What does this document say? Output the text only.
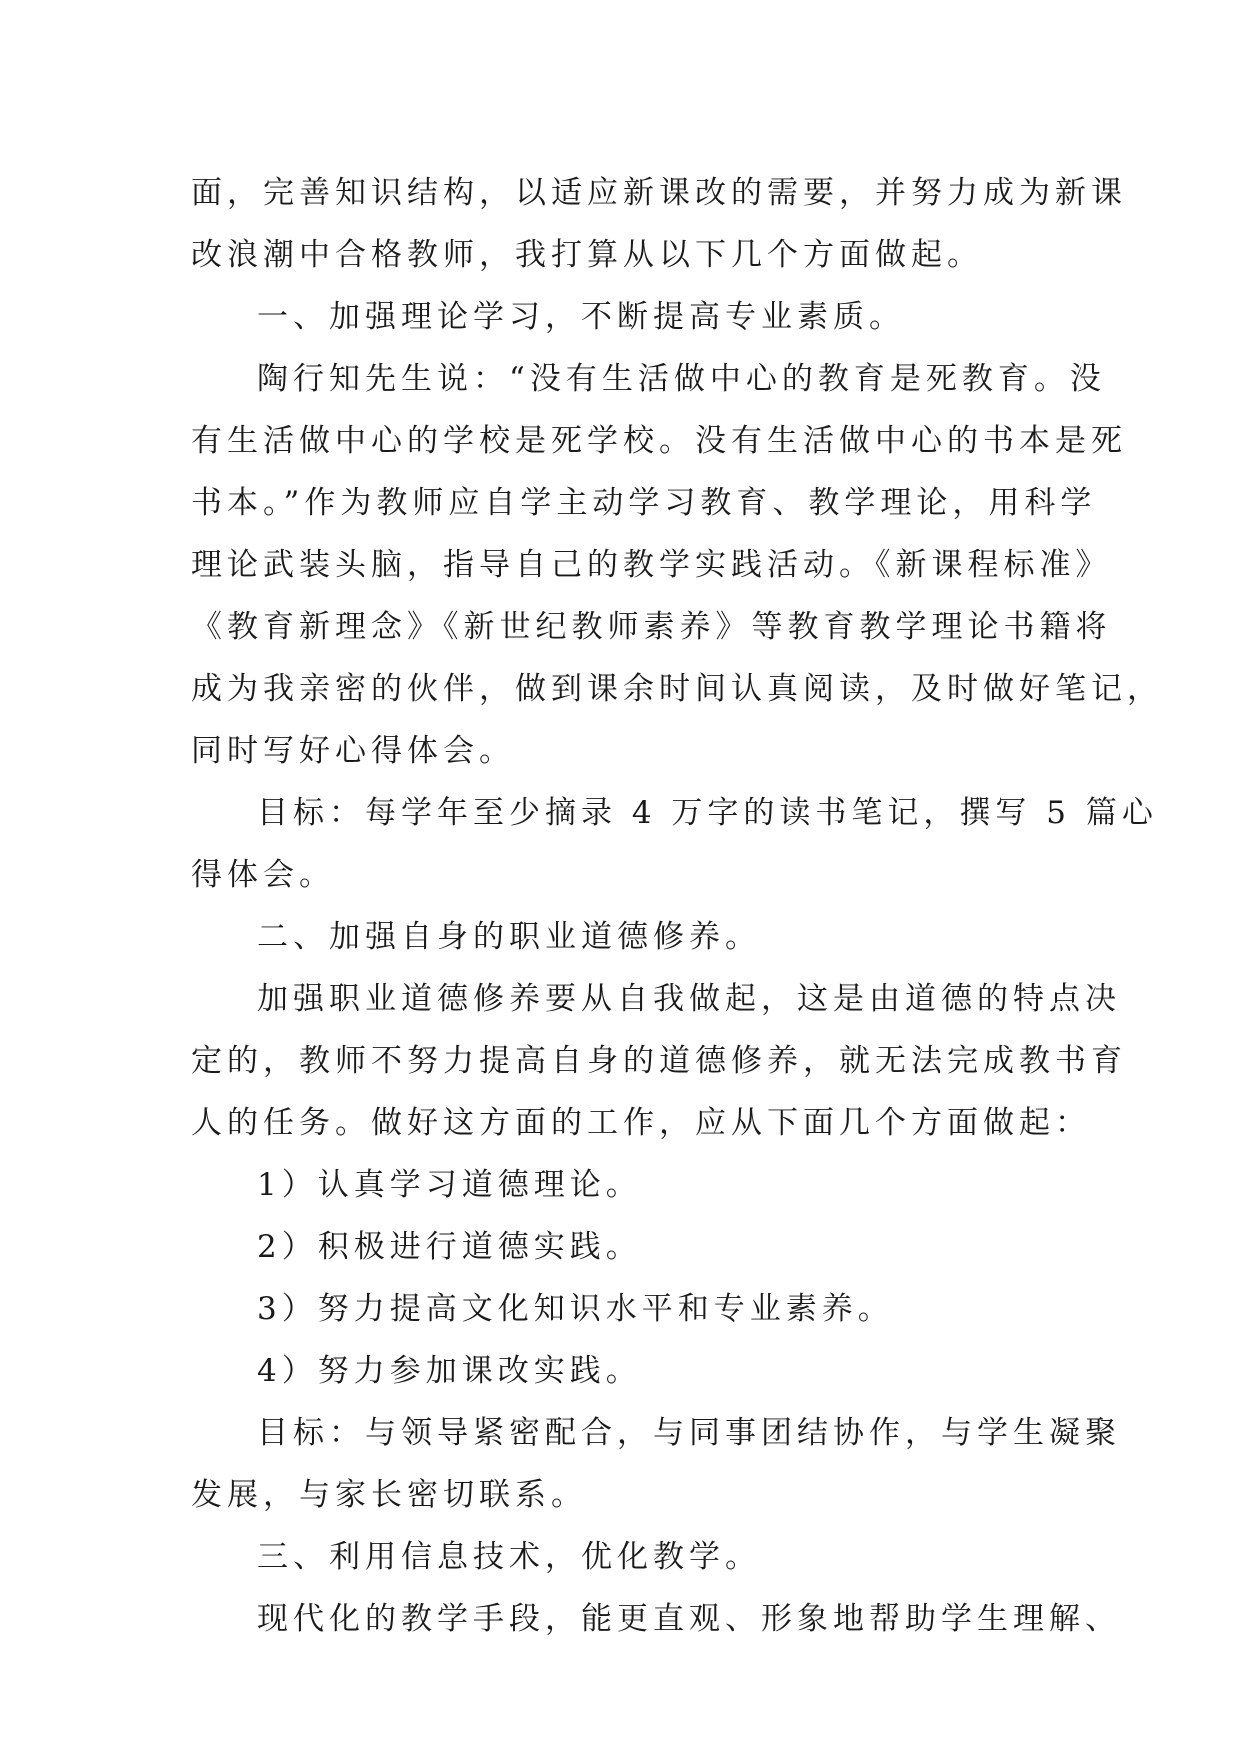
面，完善知识结构，以适应新课改的需要，并努力成为新课
改浪潮中合格教师，我打算从以下几个方面做起。
一、加强理论学习，不断提高专业素质。
陶行知先生说：“没有生活做中心的教育是死教育。没
有生活做中心的学校是死学校。没有生活做中心的书本是死
书本。”作为教师应自学主动学习教育、教学理论，用科学
理论武装头脑，指导自己的教学实践活动。《新课程标准》
《教育新理念》《新世纪教师素养》等教育教学理论书籍将
成为我亲密的伙伴，做到课余时间认真阅读，及时做好笔记，
同时写好心得体会。
目标：每学年至少摘录 4 万字的读书笔记，撰写 5 篇心
得体会。
二、加强自身的职业道德修养。
加强职业道德修养要从自我做起，这是由道德的特点决
定的，教师不努力提高自身的道德修养，就无法完成教书育
人的任务。做好这方面的工作，应从下面几个方面做起：
1）认真学习道德理论。
2）积极进行道德实践。
3）努力提高文化知识水平和专业素养。
4）努力参加课改实践。
目标：与领导紧密配合，与同事团结协作，与学生凝聚
发展，与家长密切联系。
三、利用信息技术，优化教学。
现代化的教学手段，能更直观、形象地帮助学生理解、
